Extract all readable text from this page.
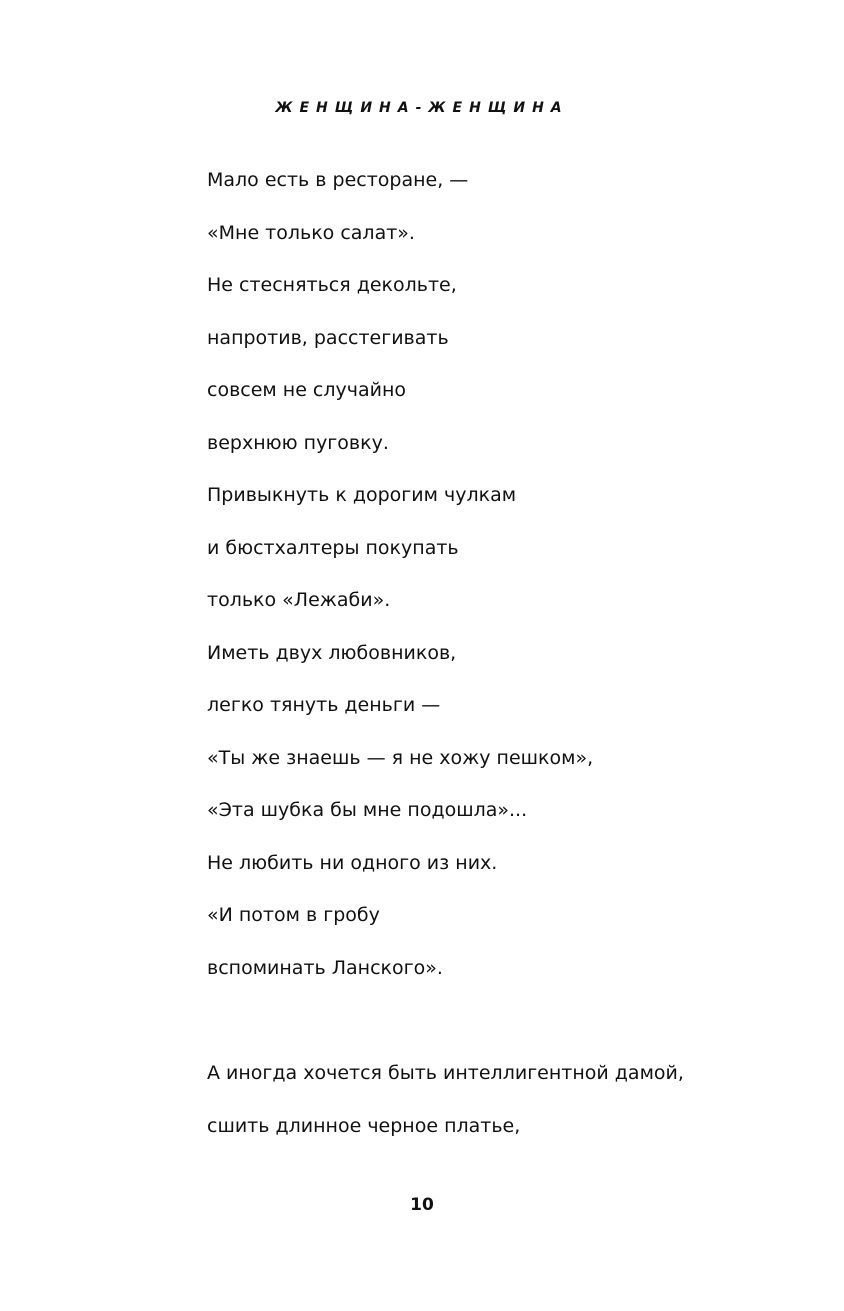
ЖЕНЩИНА-ЖЕНЩИНА
Мало есть в ресторане, —
«Мне только салат».
Не стесняться декольте,
напротив, расстегивать
совсем не случайно
верхнюю пуговку.
Привыкнуть к дорогим чулкам
и бюстхалтеры покупать
только «Лежаби».
Иметь двух любовников,
легко тянуть деньги —
«Ты же знаешь — я не хожу пешком»,
«Эта шубка бы мне подошла»...
Не любить ни одного из них.
«И потом в гробу
вспоминать Ланского».
А иногда хочется быть интеллигентной дамой,
сшить длинное черное платье,
10
